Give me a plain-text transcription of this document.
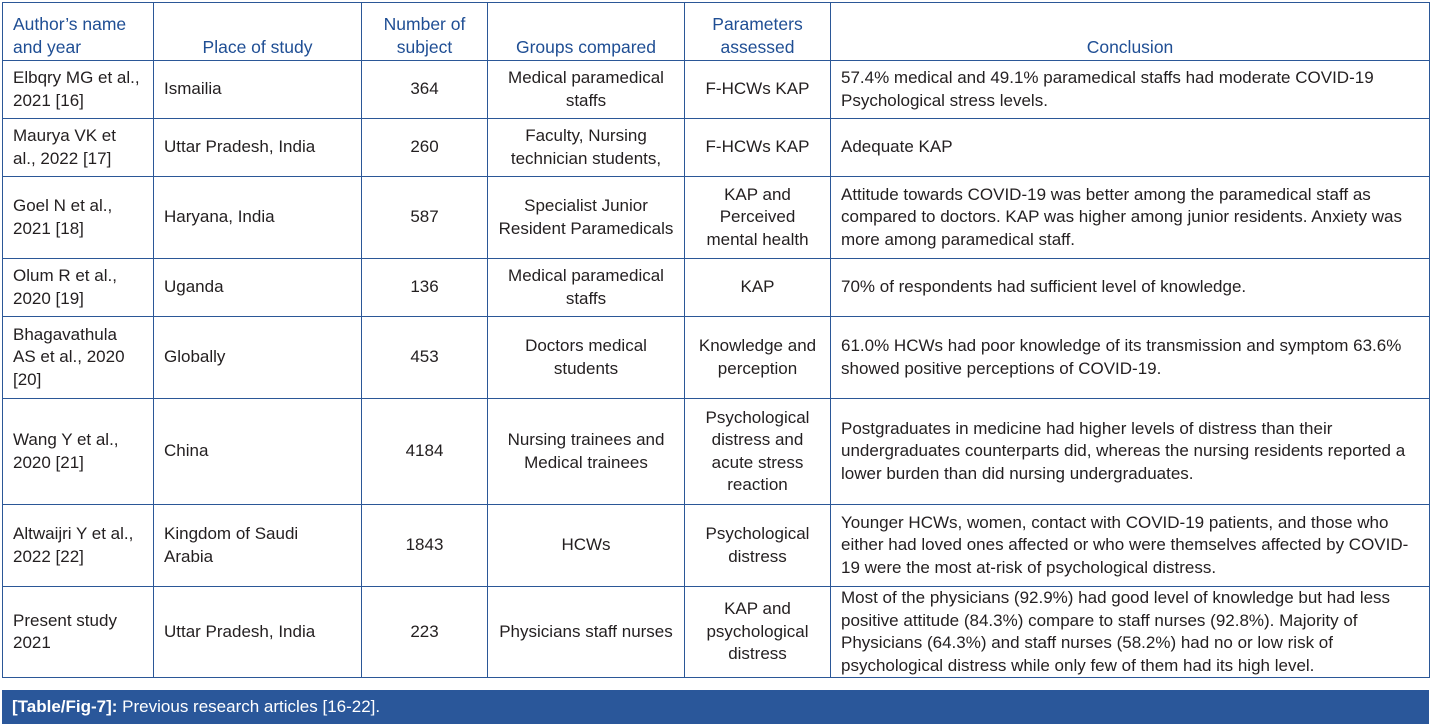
Author’s name and year	Place of study	Number of subject	Groups compared	Parameters assessed	Conclusion
Elbqry MG et al., 2021 [16]	Ismailia	364	Medical paramedical staffs	F-HCWs KAP	57.4% medical and 49.1% paramedical staffs had moderate COVID-19 Psychological stress levels.
Maurya VK et al., 2022 [17]	Uttar Pradesh, India	260	Faculty, Nursing technician students,	F-HCWs KAP	Adequate KAP
Goel N et al., 2021 [18]	Haryana, India	587	Specialist Junior Resident Paramedicals	KAP and Perceived mental health	Attitude towards COVID-19 was better among the paramedical staff as compared to doctors. KAP was higher among junior residents. Anxiety was more among paramedical staff.
Olum R et al., 2020 [19]	Uganda	136	Medical paramedical staffs	KAP	70% of respondents had sufficient level of knowledge.
Bhagavathula AS et al., 2020 [20]	Globally	453	Doctors medical students	Knowledge and perception	61.0% HCWs had poor knowledge of its transmission and symptom 63.6% showed positive perceptions of COVID-19.
Wang Y et al., 2020 [21]	China	4184	Nursing trainees and Medical trainees	Psychological distress and acute stress reaction	Postgraduates in medicine had higher levels of distress than their undergraduates counterparts did, whereas the nursing residents reported a lower burden than did nursing undergraduates.
Altwaijri Y et al., 2022 [22]	Kingdom of Saudi Arabia	1843	HCWs	Psychological distress	Younger HCWs, women, contact with COVID-19 patients, and those who either had loved ones affected or who were themselves affected by COVID-19 were the most at-risk of psychological distress.
Present study 2021	Uttar Pradesh, India	223	Physicians staff nurses	KAP and psychological distress	Most of the physicians (92.9%) had good level of knowledge but had less positive attitude (84.3%) compare to staff nurses (92.8%). Majority of Physicians (64.3%) and staff nurses (58.2%) had no or low risk of psychological distress while only few of them had its high level.
[Table/Fig-7]: Previous research articles [16-22].
